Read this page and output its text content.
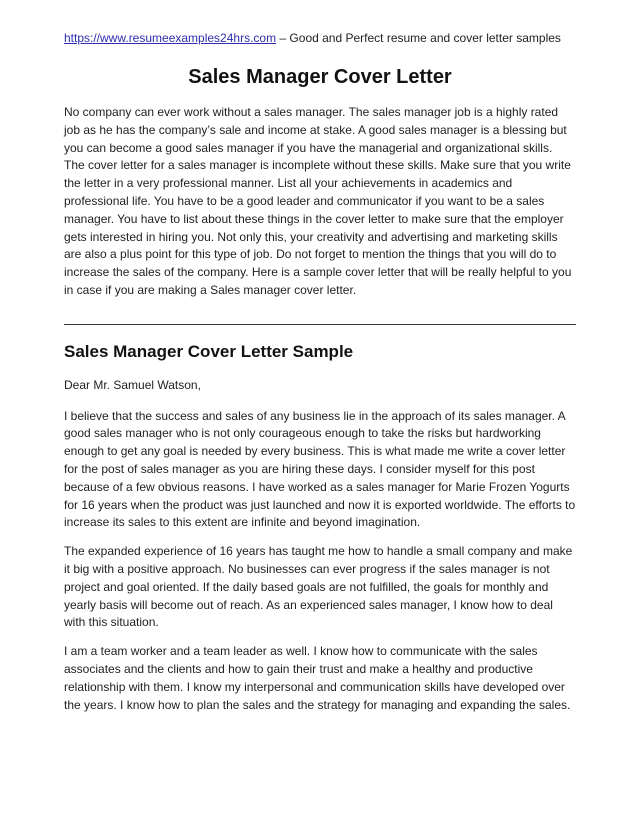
https://www.resumeexamples24hrs.com – Good and Perfect resume and cover letter samples

Sales Manager Cover Letter

No company can ever work without a sales manager. The sales manager job is a highly rated job as he has the company’s sale and income at stake. A good sales manager is a blessing but you can become a good sales manager if you have the managerial and organizational skills. The cover letter for a sales manager is incomplete without these skills. Make sure that you write the letter in a very professional manner. List all your achievements in academics and professional life. You have to be a good leader and communicator if you want to be a sales manager. You have to list about these things in the cover letter to make sure that the employer gets interested in hiring you. Not only this, your creativity and advertising and marketing skills are also a plus point for this type of job. Do not forget to mention the things that you will do to increase the sales of the company. Here is a sample cover letter that will be really helpful to you in case if you are making a Sales manager cover letter.

Sales Manager Cover Letter Sample

Dear Mr. Samuel Watson,

I believe that the success and sales of any business lie in the approach of its sales manager. A good sales manager who is not only courageous enough to take the risks but hardworking enough to get any goal is needed by every business. This is what made me write a cover letter for the post of sales manager as you are hiring these days. I consider myself for this post because of a few obvious reasons. I have worked as a sales manager for Marie Frozen Yogurts for 16 years when the product was just launched and now it is exported worldwide. The efforts to increase its sales to this extent are infinite and beyond imagination.

The expanded experience of 16 years has taught me how to handle a small company and make it big with a positive approach. No businesses can ever progress if the sales manager is not project and goal oriented. If the daily based goals are not fulfilled, the goals for monthly and yearly basis will become out of reach. As an experienced sales manager, I know how to deal with this situation.

I am a team worker and a team leader as well. I know how to communicate with the sales associates and the clients and how to gain their trust and make a healthy and productive relationship with them. I know my interpersonal and communication skills have developed over the years. I know how to plan the sales and the strategy for managing and expanding the sales.
